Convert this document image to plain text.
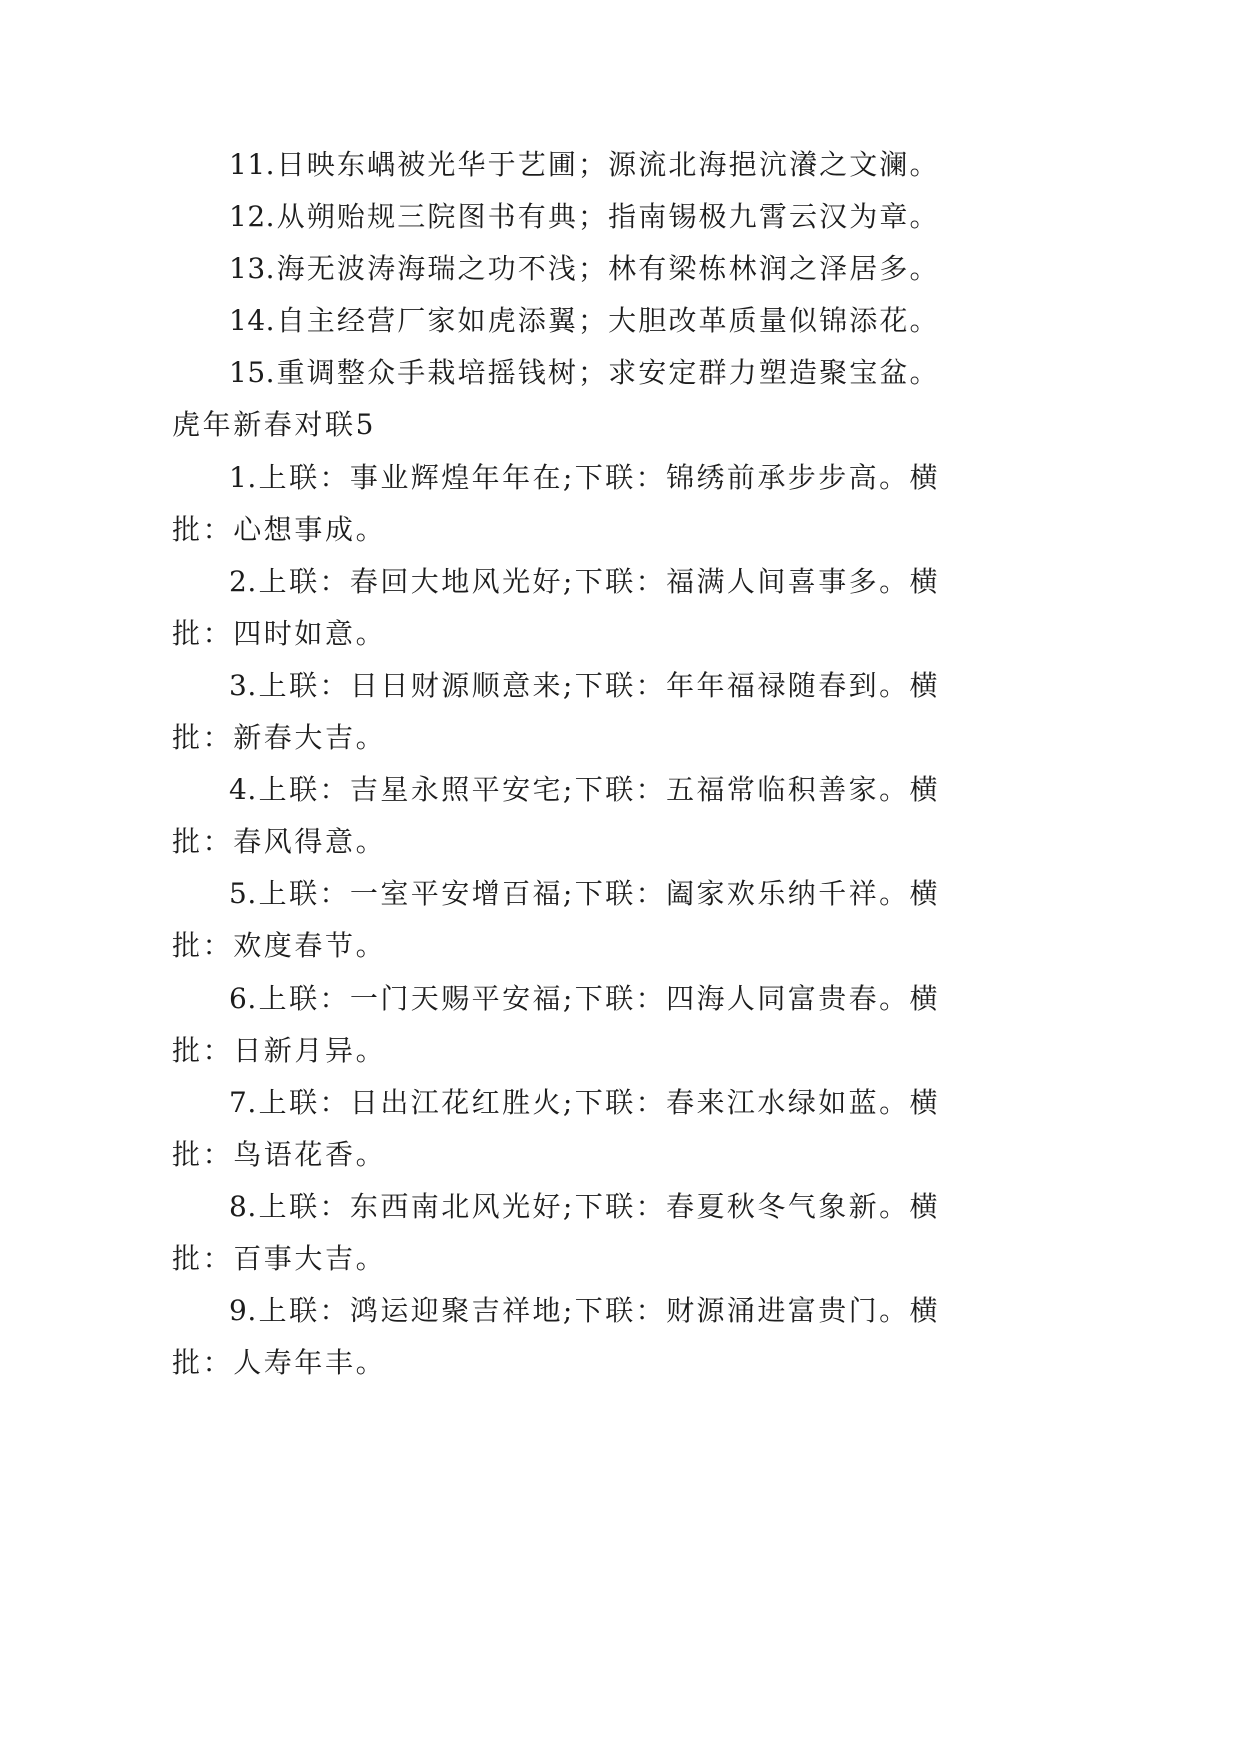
11.日映东嵎被光华于艺圃；源流北海挹沆瀁之文澜。
12.从朔贻规三院图书有典；指南锡极九霄云汉为章。
13.海无波涛海瑞之功不浅；林有梁栋林润之泽居多。
14.自主经营厂家如虎添翼；大胆改革质量似锦添花。
15.重调整众手栽培摇钱树；求安定群力塑造聚宝盆。
虎年新春对联5
1.上联：事业辉煌年年在;下联：锦绣前承步步高。横
批：心想事成。
2.上联：春回大地风光好;下联：福满人间喜事多。横
批：四时如意。
3.上联：日日财源顺意来;下联：年年福禄随春到。横
批：新春大吉。
4.上联：吉星永照平安宅;下联：五福常临积善家。横
批：春风得意。
5.上联：一室平安增百福;下联：阖家欢乐纳千祥。横
批：欢度春节。
6.上联：一门天赐平安福;下联：四海人同富贵春。横
批：日新月异。
7.上联：日出江花红胜火;下联：春来江水绿如蓝。横
批：鸟语花香。
8.上联：东西南北风光好;下联：春夏秋冬气象新。横
批：百事大吉。
9.上联：鸿运迎聚吉祥地;下联：财源涌进富贵门。横
批：人寿年丰。
